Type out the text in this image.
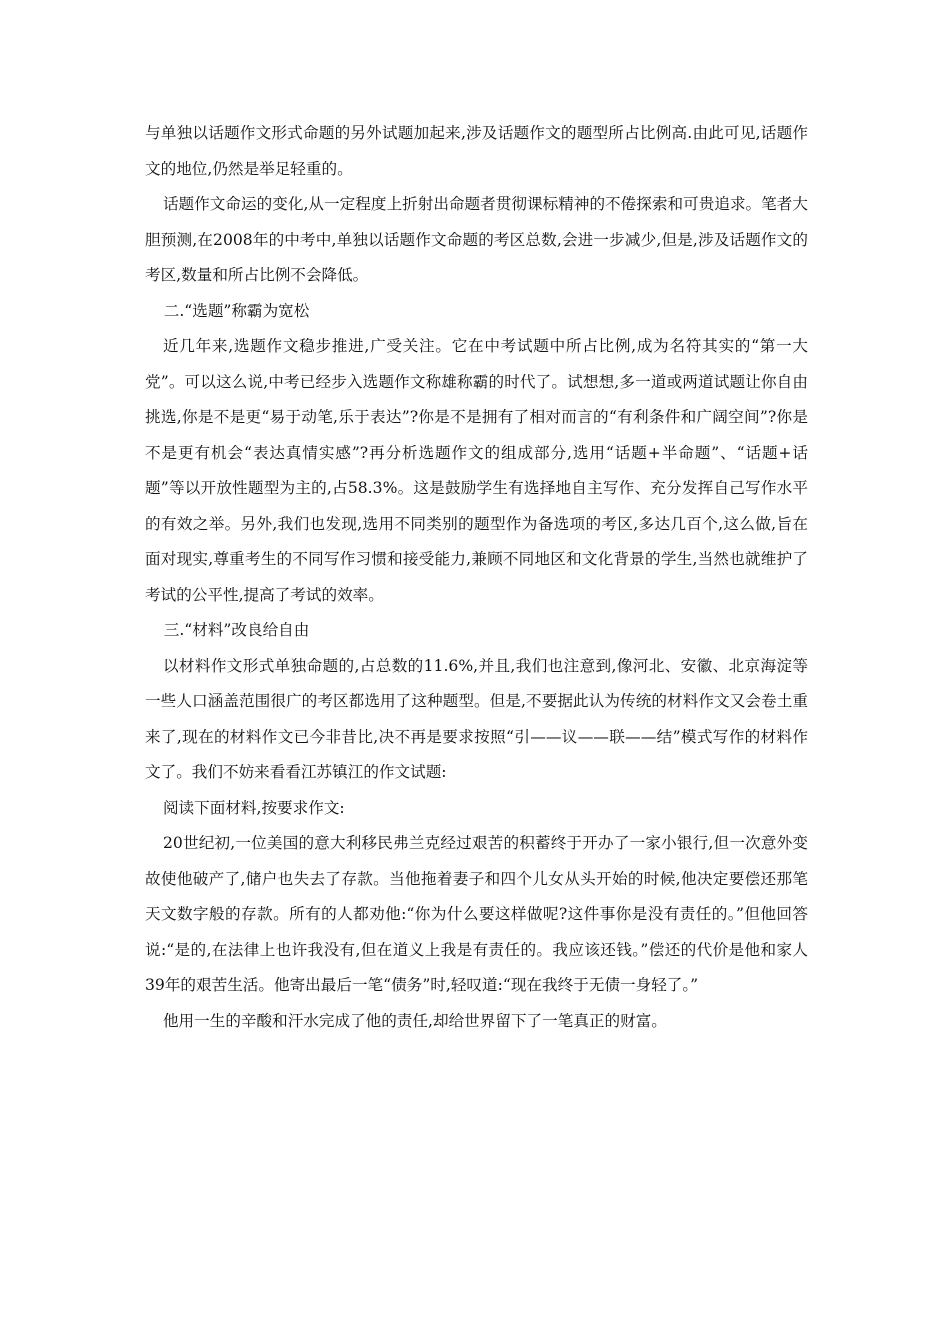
与单独以话题作文形式命题的另外试题加起来,涉及话题作文的题型所占比例高.由此可见,话题作文的地位,仍然是举足轻重的。

话题作文命运的变化,从一定程度上折射出命题者贯彻课标精神的不倦探索和可贵追求。笔者大胆预测,在2008年的中考中,单独以话题作文命题的考区总数,会进一步减少,但是,涉及话题作文的考区,数量和所占比例不会降低。

二.“选题”称霸为宽松

近几年来,选题作文稳步推进,广受关注。它在中考试题中所占比例,成为名符其实的“第一大党”。可以这么说,中考已经步入选题作文称雄称霸的时代了。试想想,多一道或两道试题让你自由挑选,你是不是更“易于动笔,乐于表达”?你是不是拥有了相对而言的“有利条件和广阔空间”?你是不是更有机会“表达真情实感”?再分析选题作文的组成部分,选用“话题+半命题”、“话题+话题”等以开放性题型为主的,占58.3%。这是鼓励学生有选择地自主写作、充分发挥自己写作水平的有效之举。另外,我们也发现,选用不同类别的题型作为备选项的考区,多达几百个,这么做,旨在面对现实,尊重考生的不同写作习惯和接受能力,兼顾不同地区和文化背景的学生,当然也就维护了考试的公平性,提高了考试的效率。

三.“材料”改良给自由

以材料作文形式单独命题的,占总数的11.6%,并且,我们也注意到,像河北、安徽、北京海淀等一些人口涵盖范围很广的考区都选用了这种题型。但是,不要据此认为传统的材料作文又会卷土重来了,现在的材料作文已今非昔比,决不再是要求按照“引——议——联——结”模式写作的材料作文了。我们不妨来看看江苏镇江的作文试题:

阅读下面材料,按要求作文:

20世纪初,一位美国的意大利移民弗兰克经过艰苦的积蓄终于开办了一家小银行,但一次意外变故使他破产了,储户也失去了存款。当他拖着妻子和四个儿女从头开始的时候,他决定要偿还那笔天文数字般的存款。所有的人都劝他:“你为什么要这样做呢?这件事你是没有责任的。”但他回答说:“是的,在法律上也许我没有,但在道义上我是有责任的。我应该还钱。”偿还的代价是他和家人39年的艰苦生活。他寄出最后一笔“债务”时,轻叹道:“现在我终于无债一身轻了。”

他用一生的辛酸和汗水完成了他的责任,却给世界留下了一笔真正的财富。
